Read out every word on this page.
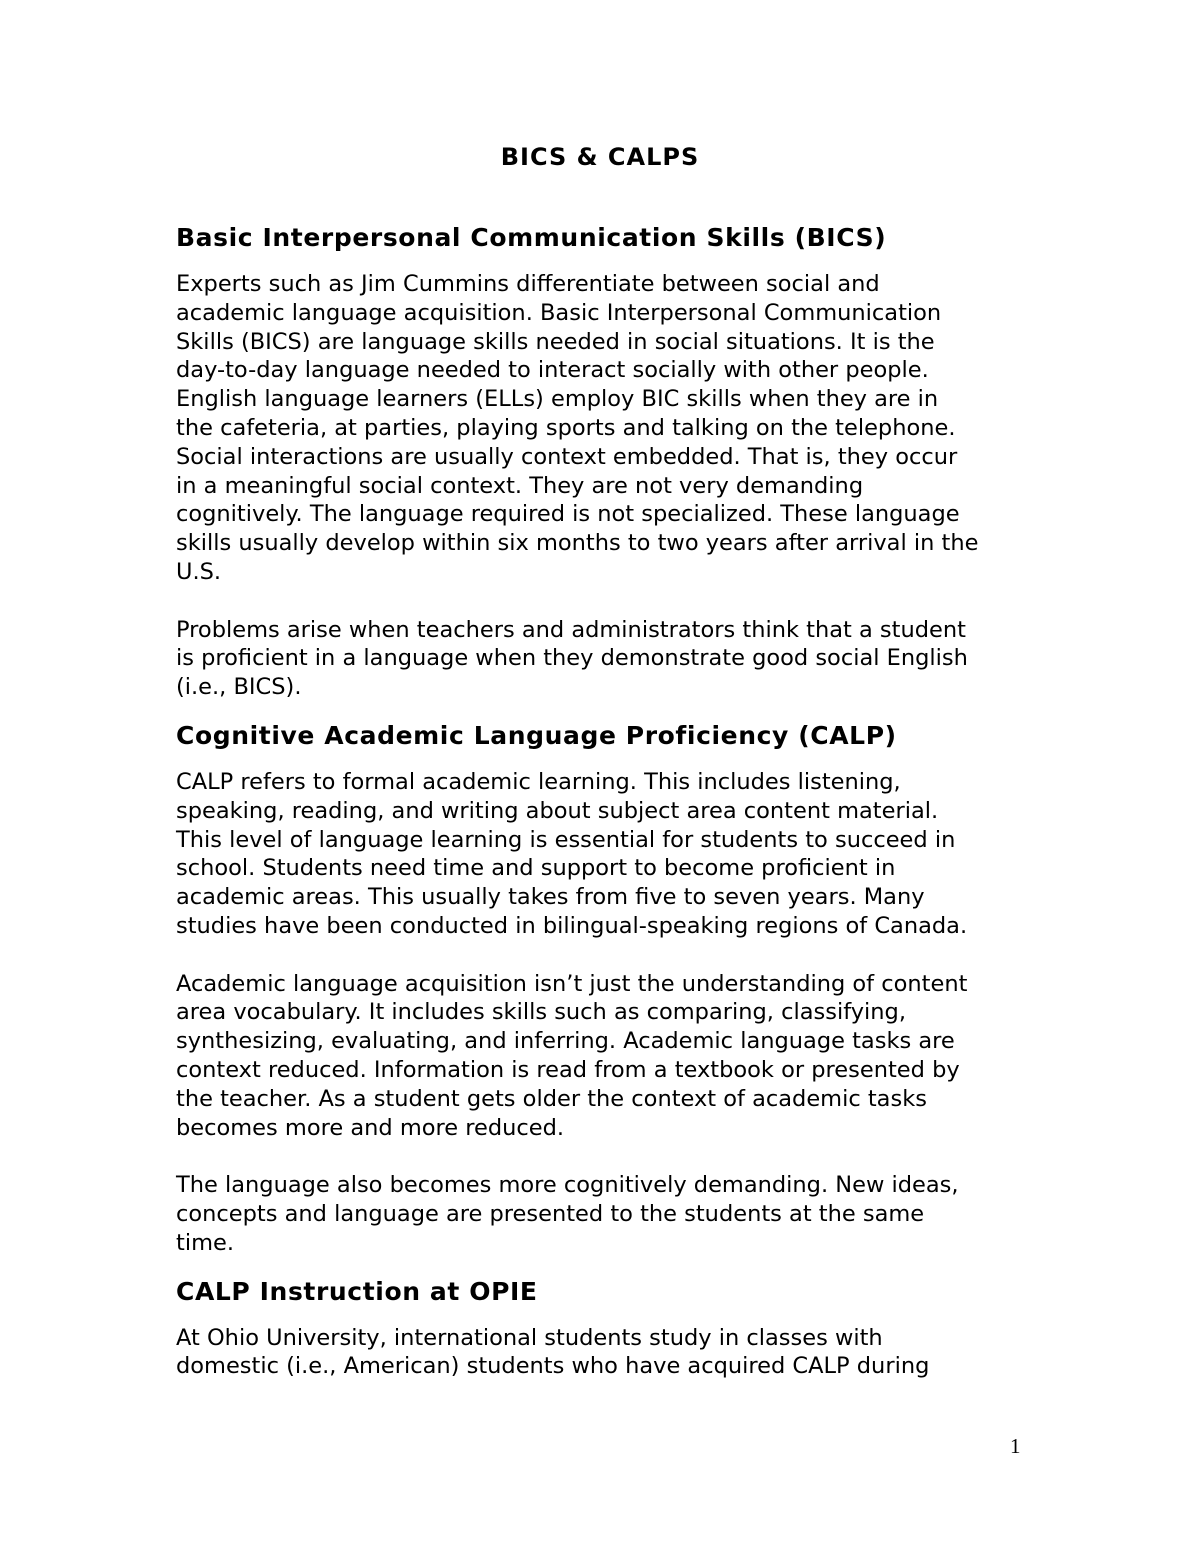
BICS & CALPS
Basic Interpersonal Communication Skills (BICS)

Experts such as Jim Cummins differentiate between social and
academic language acquisition. Basic Interpersonal Communication
Skills (BICS) are language skills needed in social situations. It is the
day-to-day language needed to interact socially with other people.
English language learners (ELLs) employ BIC skills when they are in
the cafeteria, at parties, playing sports and talking on the telephone.
Social interactions are usually context embedded. That is, they occur
in a meaningful social context. They are not very demanding
cognitively. The language required is not specialized. These language
skills usually develop within six months to two years after arrival in the
U.S.

Problems arise when teachers and administrators think that a student
is proficient in a language when they demonstrate good social English
(i.e., BICS).

Cognitive Academic Language Proficiency (CALP)

CALP refers to formal academic learning. This includes listening,
speaking, reading, and writing about subject area content material.
This level of language learning is essential for students to succeed in
school. Students need time and support to become proficient in
academic areas. This usually takes from five to seven years. Many
studies have been conducted in bilingual-speaking regions of Canada.

Academic language acquisition isn’t just the understanding of content
area vocabulary. It includes skills such as comparing, classifying,
synthesizing, evaluating, and inferring. Academic language tasks are
context reduced. Information is read from a textbook or presented by
the teacher. As a student gets older the context of academic tasks
becomes more and more reduced.

The language also becomes more cognitively demanding. New ideas,
concepts and language are presented to the students at the same
time.

CALP Instruction at OPIE

At Ohio University, international students study in classes with
domestic (i.e., American) students who have acquired CALP during

1
